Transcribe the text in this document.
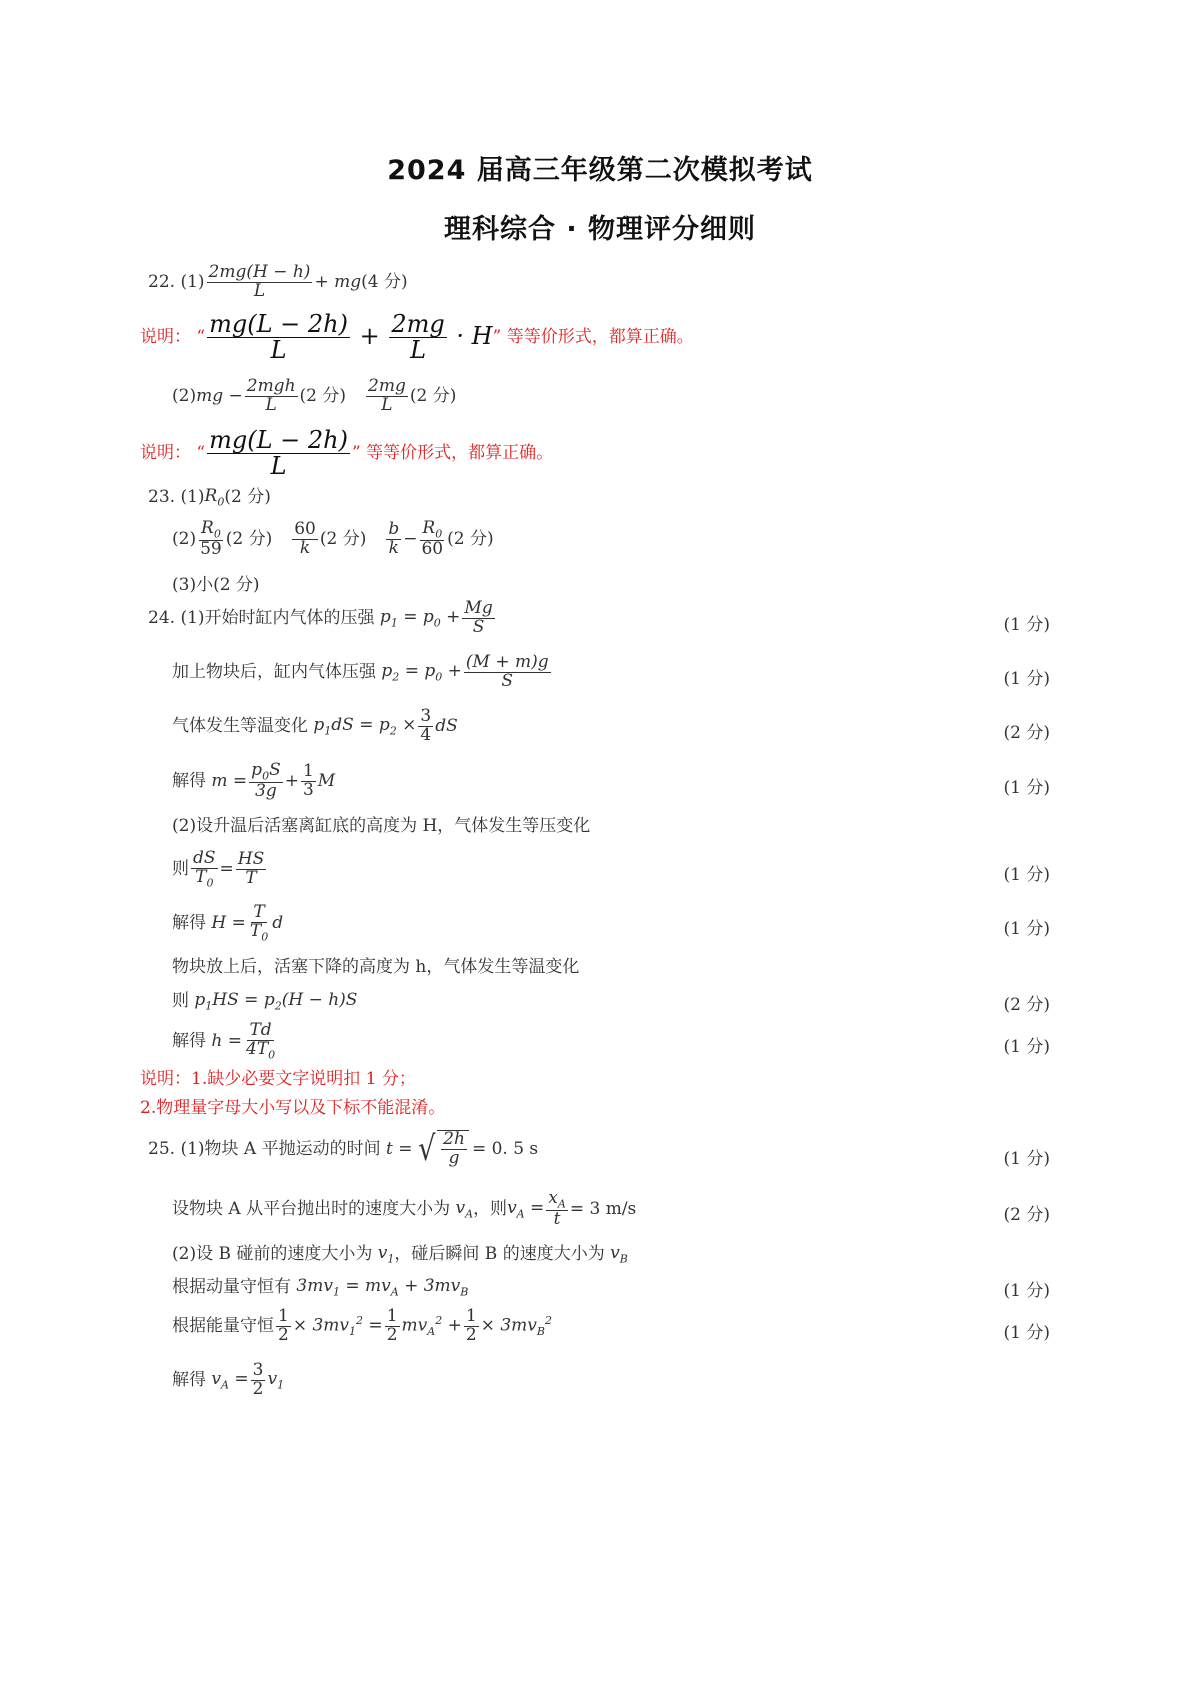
2024 届高三年级第二次模拟考试
理科综合 · 物理评分细则
22. $(1) \frac{2mg(H - h)}{L}$ + mg (4 分)
说明： “ $\frac{mg(L - 2h)}{L} + \frac{2mg}{L} \cdot H$ ” 等等价形式，都算正确。
(2) mg − $\frac{\text{2mgh}}{L} (2$ 分) $\frac{2mg}{L} (2$ 分)
说明： “ $\frac{mg(L - 2h)}{L}$ ” 等等价形式，都算正确。
23. (1) $R_0$ (2 分)
$(2) \frac{R_0}{59} (2$ 分) $\frac{60}{k} (2$ 分) $\frac{b}{k} - \frac{R_0}{60} (2$ 分)
(3)小(2 分)
24. (1)开始时缸内气体的压强 $p_1 = p_0 + \frac{Mg}{S}$	(1 分)
加上物块后，缸内气体压强 $p_2 = p_0 + \frac{(M + m)g}{S}$	(1 分)
气体发生等温变化 $p_1dS = p_2 \times \frac{3}{4}$ dS	(2 分)
解得 $m = \frac{p_0S}{3g} + \frac{1}{3}$ M	(1 分)
(2)设升温后活塞离缸底的高度为 H，气体发生等压变化
则 $\frac{dS}{T_0} = \frac{HS}{T}$	(1 分)
解得 $H = \frac{T}{T_0}$ d	(1 分)
物块放上后，活塞下降的高度为 h，气体发生等温变化
则 $p_1HS = p_2(H - h)S$	(2 分)
解得 $h = \frac{Td}{4T_0}$	(1 分)
说明：1.缺少必要文字说明扣 1 分；
2.物理量字母大小写以及下标不能混淆。
25. (1)物块 A 平抛运动的时间 t = √ $\frac{2h}{g} = 0$. 5 s
(1 分)
设物块 A 从平台抛出时的速度大小为 $v_A$ ，则 $v_A = \frac{x_A}{t} = 3$ m/s	(2 分)
(2)设 B 碰前的速度大小为 $v_1$ ，碰后瞬间 B 的速度大小为 $v_B$
根据动量守恒有 $3mv_1 = mv_A + 3mv_B$	(1 分)
根据能量守恒 $\frac{1}{2} \times 3mv_1^2 = \frac{1}{2} mv_A^2 + \frac{1}{2} \times 3mv_B^2$
(1 分)
解得 $v_A = \frac{3}{2} v_1$
